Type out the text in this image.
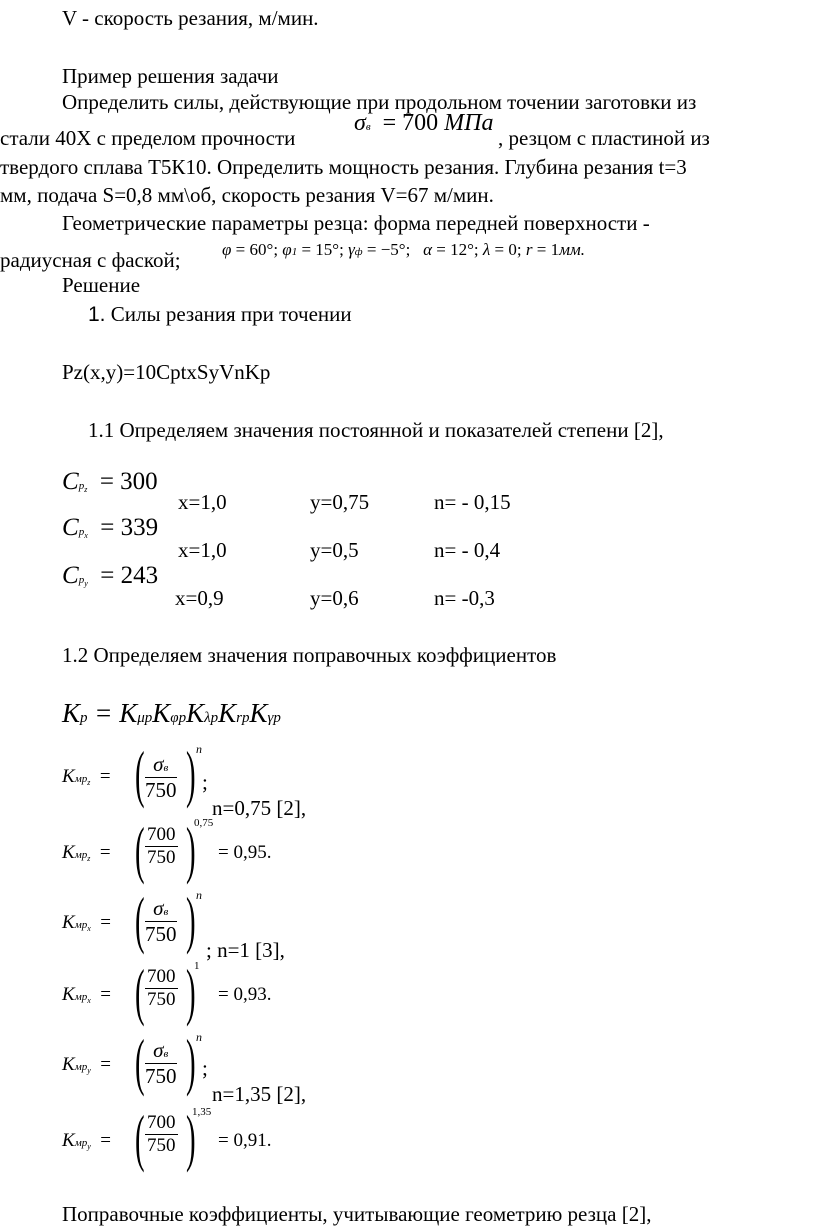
V - скорость резания, м/мин.
Пример решения задачи
Определить силы, действующие при продольном точении заготовки из
стали 40Х с пределом прочности
σв  = 700 МПа
, резцом с пластиной из
твердого сплава Т5К10. Определить мощность резания. Глубина резания t=3
мм, подача S=0,8 мм\об, скорость резания V=67 м/мин.
Геометрические параметры резца: форма передней поверхности -
радиусная с фаской; φ = 60°; φ1 = 15°; γф = −5°;   α = 12°; λ = 0; r = 1мм.
Решение
1. Силы резания при точении
Pz(x,y)=10CptxSyVnKp
1.1 Определяем значения постоянной и показателей степени [2],
$Cp_z = 300$
x=1,0	y=0,75	n= - 0,15
$Cp_x = 339$
x=1,0	y=0,5	n= - 0,4
$Cp_y = 243$
x=0,9	y=0,6	n= -0,3
1.2 Определяем значения поправочных коэффициентов
Kp = KμрKφрKλрKrрKγр
Kмр$_z$  = ( σв
750 ) n
;
n=0,75 [2],
Kмр$_z$  = ( $\frac{700}{750}$ )
0,75
= 0,95.
Kмр$_x$  = ( σв
750 ) n
; n=1 [3],
Kмр$_x$  = ( $\frac{700}{750}$ )
1
= 0,93.
Kмр$_y$  = ( σв
750 ) n
;
n=1,35 [2],
Kмр$_y$  = ( $\frac{700}{750}$ )
1,35
= 0,91.
Поправочные коэффициенты, учитывающие геометрию резца [2],
